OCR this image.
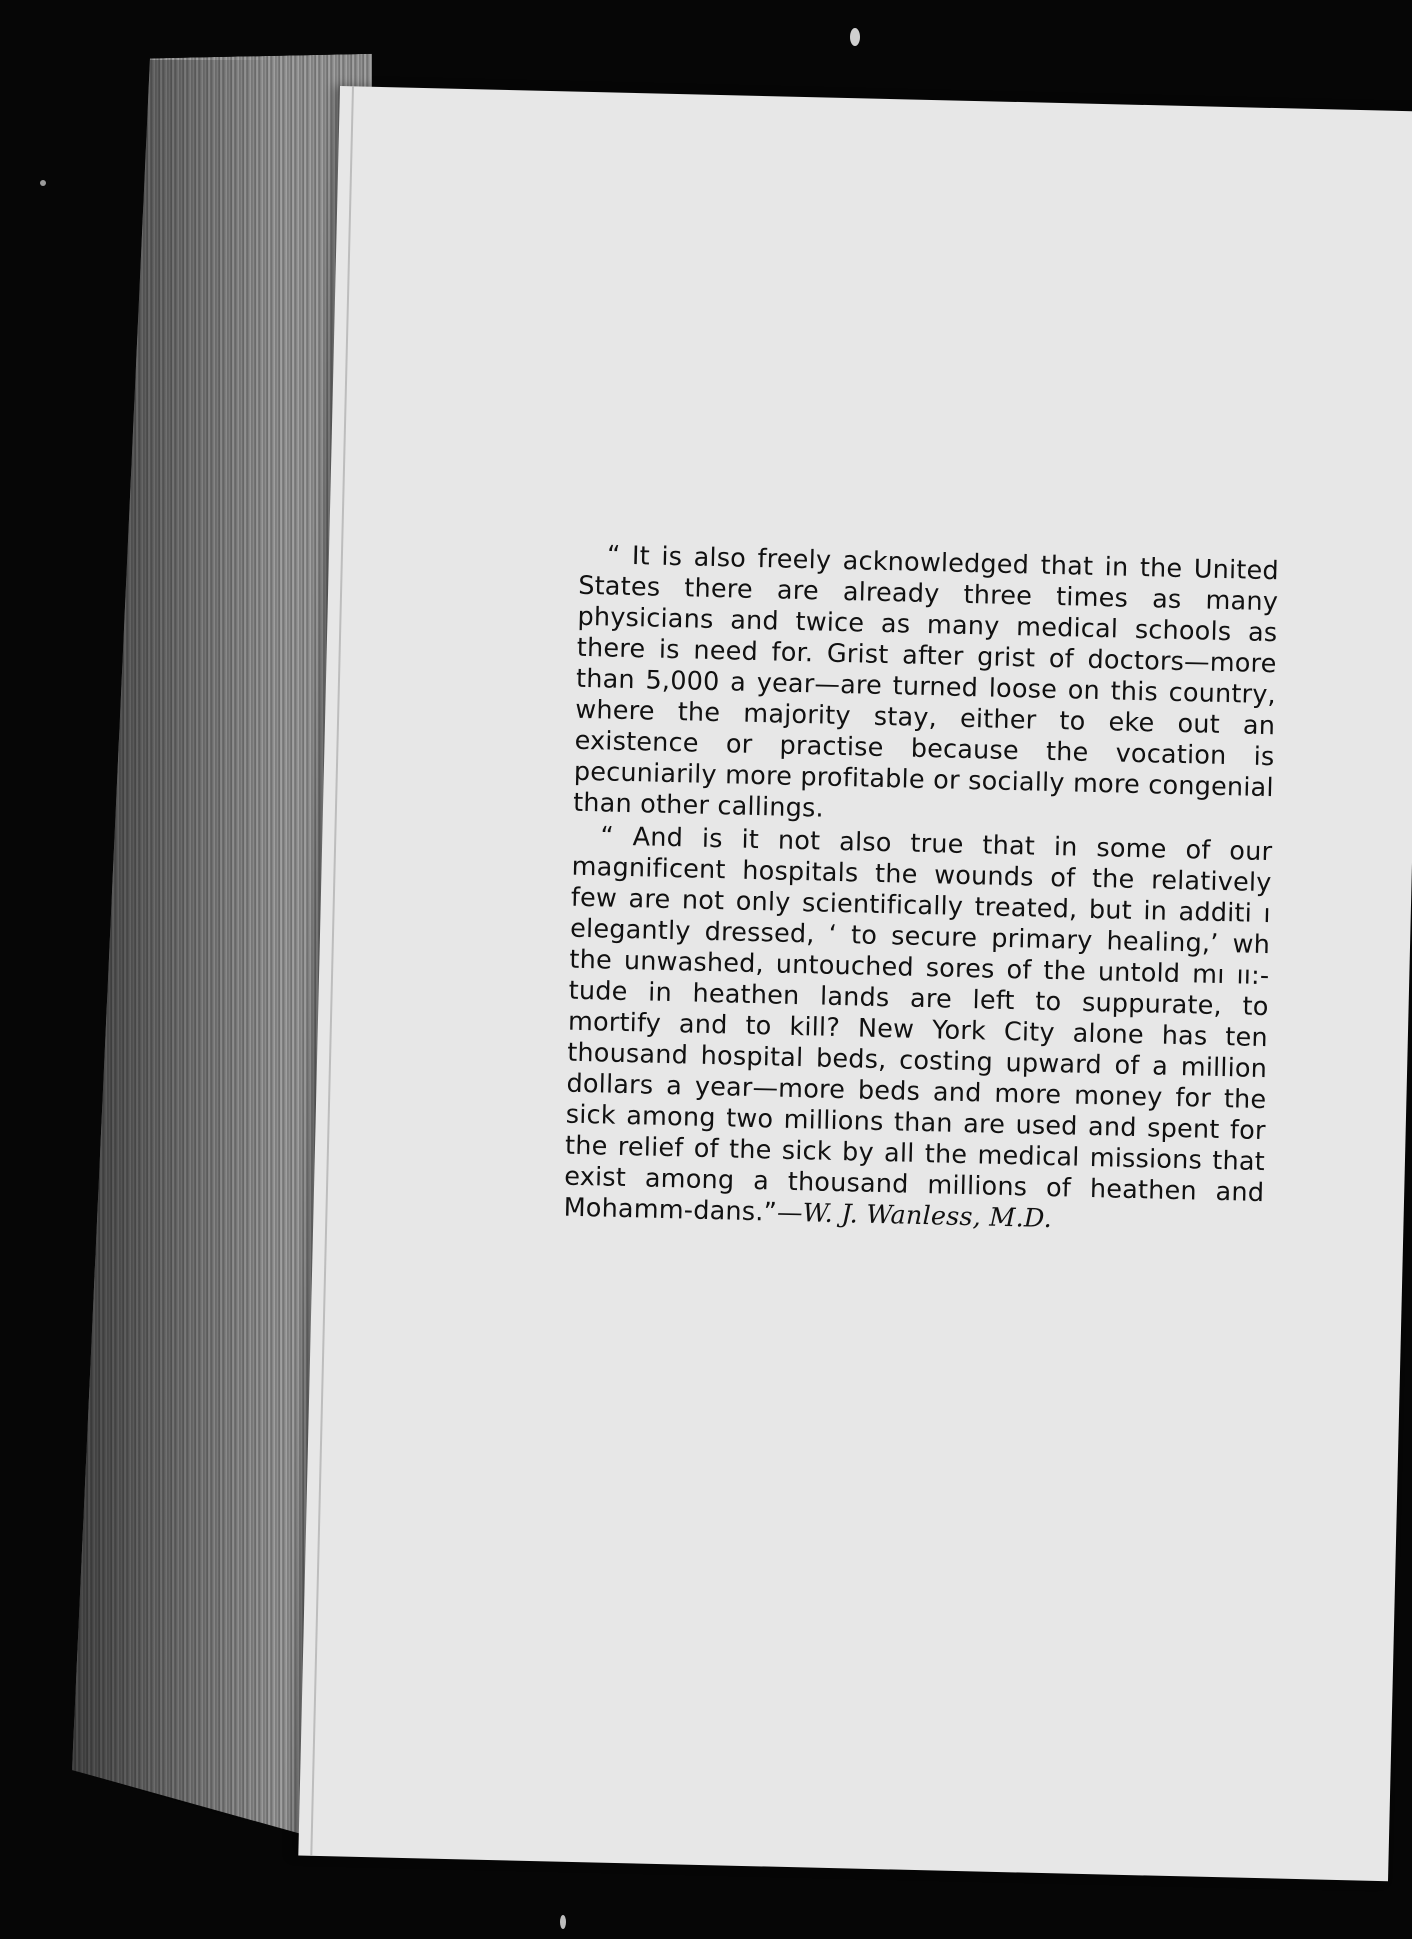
“ It is also freely acknowledged that in the United States there are already three times as many physicians and twice as many medical schools as there is need for. Grist after grist of doctors—more than 5,000 a year—are turned loose on this country, where the majority stay, either to eke out an existence or practise because the vocation is pecuniarily more profitable or socially more congenial than other callings.

“ And is it not also true that in some of our magnificent hospitals the wounds of the relatively few are not only scientifically treated, but in additi ı elegantly dressed, ‘ to secure primary healing,’ wh the unwashed, untouched sores of the untold mı ıı:-tude in heathen lands are left to suppurate, to mortify and to kill? New York City alone has ten thousand hospital beds, costing upward of a million dollars a year—more beds and more money for the sick among two millions than are used and spent for the relief of the sick by all the medical missions that exist among a thousand millions of heathen and Mohamm-dans.”—W. J. Wanless, M.D.
